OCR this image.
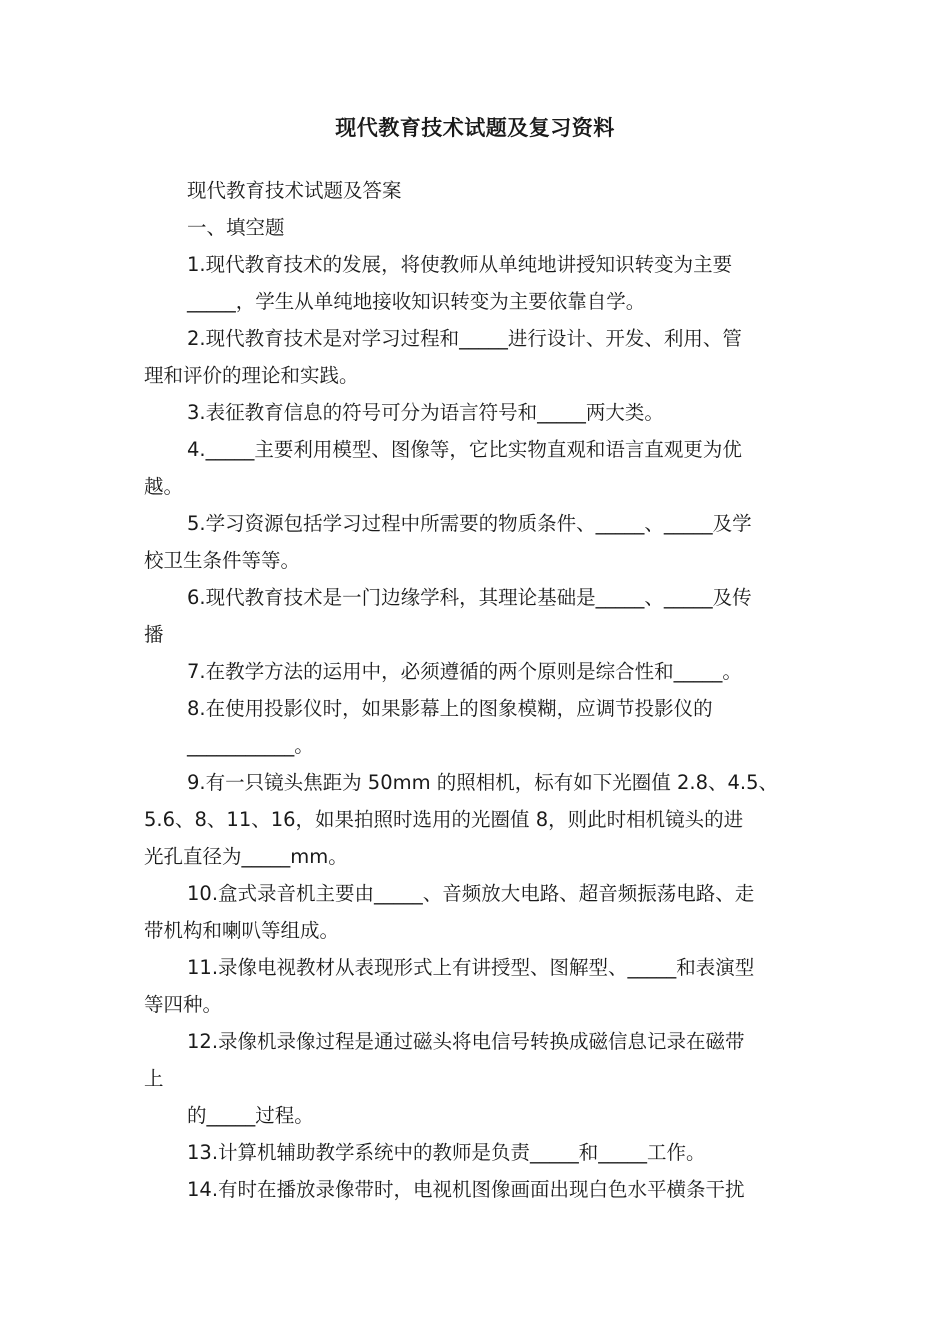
现代教育技术试题及复习资料
现代教育技术试题及答案
一、填空题
1.现代教育技术的发展，将使教师从单纯地讲授知识转变为主要
_____，学生从单纯地接收知识转变为主要依靠自学。
2.现代教育技术是对学习过程和_____进行设计、开发、利用、管
理和评价的理论和实践。
3.表征教育信息的符号可分为语言符号和_____两大类。
4._____主要利用模型、图像等，它比实物直观和语言直观更为优
越。
5.学习资源包括学习过程中所需要的物质条件、_____、_____及学
校卫生条件等等。
6.现代教育技术是一门边缘学科，其理论基础是_____、_____及传
播
7.在教学方法的运用中，必须遵循的两个原则是综合性和_____。
8.在使用投影仪时，如果影幕上的图象模糊，应调节投影仪的
___________。
9.有一只镜头焦距为 50mm 的照相机，标有如下光圈值 2.8、4.5、
5.6、8、11、16，如果拍照时选用的光圈值 8，则此时相机镜头的进
光孔直径为_____mm。
10.盒式录音机主要由_____、音频放大电路、超音频振荡电路、走
带机构和喇叭等组成。
11.录像电视教材从表现形式上有讲授型、图解型、_____和表演型
等四种。
12.录像机录像过程是通过磁头将电信号转换成磁信息记录在磁带
上
的_____过程。
13.计算机辅助教学系统中的教师是负责_____和_____工作。
14.有时在播放录像带时，电视机图像画面出现白色水平横条干扰
